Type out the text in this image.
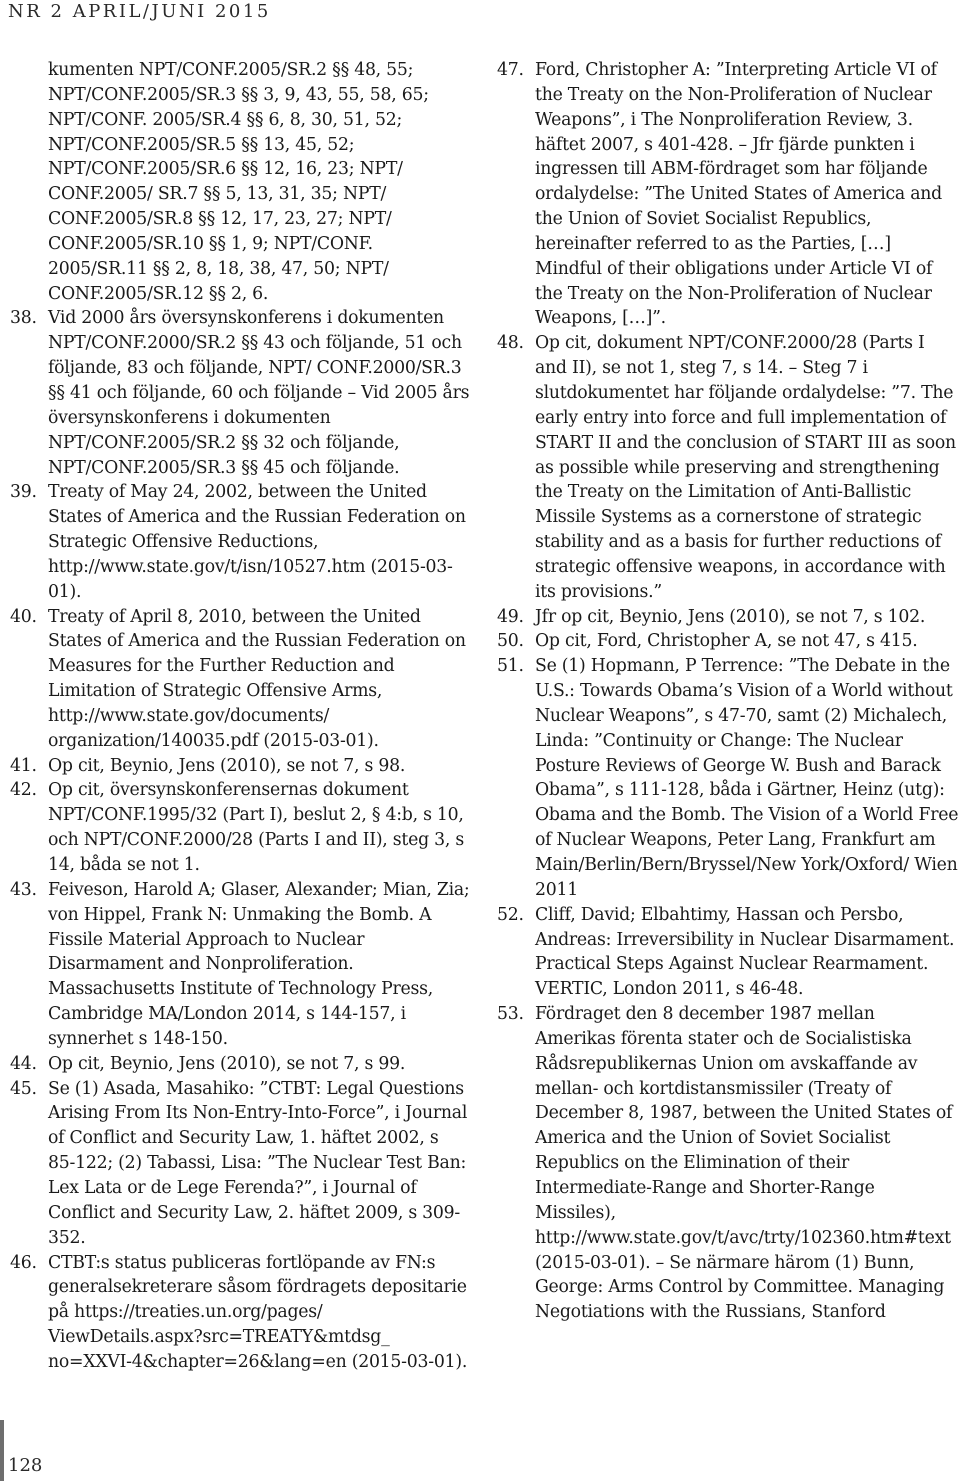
NR 2 APRIL/JUNI 2015

kumenten NPT/CONF.2005/SR.2 §§ 48, 55; NPT/CONF.2005/SR.3 §§ 3, 9, 43, 55, 58, 65; NPT/CONF. 2005/SR.4 §§ 6, 8, 30, 51, 52; NPT/CONF.2005/SR.5 §§ 13, 45, 52; NPT/CONF.2005/SR.6 §§ 12, 16, 23; NPT/ CONF.2005/ SR.7 §§ 5, 13, 31, 35; NPT/ CONF.2005/SR.8 §§ 12, 17, 23, 27; NPT/ CONF.2005/SR.10 §§ 1, 9; NPT/CONF. 2005/SR.11 §§ 2, 8, 18, 38, 47, 50; NPT/ CONF.2005/SR.12 §§ 2, 6.

38. Vid 2000 års översynskonferens i dokumenten NPT/CONF.2000/SR.2 §§ 43 och följande, 51 och följande, 83 och följande, NPT/ CONF.2000/SR.3 §§ 41 och följande, 60 och följande – Vid 2005 års översynskonferens i dokumenten NPT/CONF.2005/SR.2 §§ 32 och följande, NPT/CONF.2005/SR.3 §§ 45 och följande.
39. Treaty of May 24, 2002, between the United States of America and the Russian Federation on Strategic Offensive Reductions, http://www.state.gov/t/isn/10527.htm (2015-03-01).
40. Treaty of April 8, 2010, between the United States of America and the Russian Federation on Measures for the Further Reduction and Limitation of Strategic Offensive Arms, http://www.state.gov/documents/ organization/140035.pdf (2015-03-01).
41. Op cit, Beynio, Jens (2010), se not 7, s 98.
42. Op cit, översynskonferensernas dokument NPT/CONF.1995/32 (Part I), beslut 2, § 4:b, s 10, och NPT/CONF.2000/28 (Parts I and II), steg 3, s 14, båda se not 1.
43. Feiveson, Harold A; Glaser, Alexander; Mian, Zia; von Hippel, Frank N: Unmaking the Bomb. A Fissile Material Approach to Nuclear Disarmament and Nonproliferation. Massachusetts Institute of Technology Press, Cambridge MA/London 2014, s 144-157, i synnerhet s 148-150.
44. Op cit, Beynio, Jens (2010), se not 7, s 99.
45. Se (1) Asada, Masahiko: ”CTBT: Legal Questions Arising From Its Non-Entry-Into-Force”, i Journal of Conflict and Security Law, 1. häftet 2002, s 85-122; (2) Tabassi, Lisa: ”The Nuclear Test Ban: Lex Lata or de Lege Ferenda?”, i Journal of Conflict and Security Law, 2. häftet 2009, s 309-352.
46. CTBT:s status publiceras fortlöpande av FN:s generalsekreterare såsom fördragets depositarie på https://treaties.un.org/pages/ ViewDetails.aspx?src=TREATY&mtdsg_ no=XXVI-4&chapter=26&lang=en (2015-03-01).
47. Ford, Christopher A: ”Interpreting Article VI of the Treaty on the Non-Proliferation of Nuclear Weapons”, i The Nonproliferation Review, 3. häftet 2007, s 401-428. – Jfr fjärde punkten i ingressen till ABM-fördraget som har följande ordalydelse: ”The United States of America and the Union of Soviet Socialist Republics, hereinafter referred to as the Parties, […] Mindful of their obligations under Article VI of the Treaty on the Non-Proliferation of Nuclear Weapons, […]”.
48. Op cit, dokument NPT/CONF.2000/28 (Parts I and II), se not 1, steg 7, s 14. – Steg 7 i slutdokumentet har följande ordalydelse: ”7. The early entry into force and full implementation of START II and the conclusion of START III as soon as possible while preserving and strengthening the Treaty on the Limitation of Anti-Ballistic Missile Systems as a cornerstone of strategic stability and as a basis for further reductions of strategic offensive weapons, in accordance with its provisions.”
49. Jfr op cit, Beynio, Jens (2010), se not 7, s 102.
50. Op cit, Ford, Christopher A, se not 47, s 415.
51. Se (1) Hopmann, P Terrence: ”The Debate in the U.S.: Towards Obama’s Vision of a World without Nuclear Weapons”, s 47-70, samt (2) Michalech, Linda: ”Continuity or Change: The Nuclear Posture Reviews of George W. Bush and Barack Obama”, s 111-128, båda i Gärtner, Heinz (utg): Obama and the Bomb. The Vision of a World Free of Nuclear Weapons, Peter Lang, Frankfurt am Main/Berlin/Bern/Bryssel/New York/Oxford/ Wien 2011
52. Cliff, David; Elbahtimy, Hassan och Persbo, Andreas: Irreversibility in Nuclear Disarmament. Practical Steps Against Nuclear Rearmament. VERTIC, London 2011, s 46-48.
53. Fördraget den 8 december 1987 mellan Amerikas förenta stater och de Socialistiska Rådsrepublikernas Union om avskaffande av mellan- och kortdistansmissiler (Treaty of December 8, 1987, between the United States of America and the Union of Soviet Socialist Republics on the Elimination of their Intermediate-Range and Shorter-Range Missiles), http://www.state.gov/t/avc/trty/102360.htm#text (2015-03-01). – Se närmare härom (1) Bunn, George: Arms Control by Committee. Managing Negotiations with the Russians, Stanford
128
